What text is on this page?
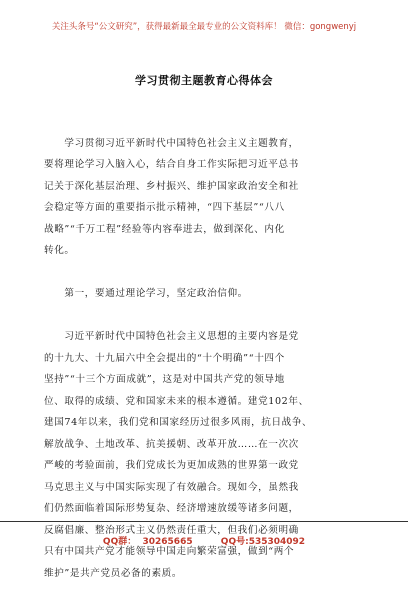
关注头条号“公文研究”，获得最新最全最专业的公文资料库！ 微信：gongwenyj
学习贯彻主题教育心得体会

　　学习贯彻习近平新时代中国特色社会主义主题教育，
要将理论学习入脑入心，结合自身工作实际把习近平总书
记关于深化基层治理、乡村振兴、维护国家政治安全和社
会稳定等方面的重要指示批示精神，“四下基层”“八八
战略”“千万工程”经验等内容奉进去，做到深化、内化
转化。

　　第一，要通过理论学习，坚定政治信仰。

　　习近平新时代中国特色社会主义思想的主要内容是党
的十九大、十九届六中全会提出的“十个明确”“十四个
坚持”“十三个方面成就”，这是对中国共产党的领导地
位、取得的成绩、党和国家未来的根本遵循。建党102年、
建国74年以来，我们党和国家经历过很多风雨，抗日战争、
解放战争、土地改革、抗美援朝、改革开放……在一次次
严峻的考验面前，我们党成长为更加成熟的世界第一政党
马克思主义与中国实际实现了有效融合。现如今，虽然我
们仍然面临着国际形势复杂、经济增速放缓等诸多问题，
反腐倡廉、整治形式主义仍然责任重大，但我们必须明确
只有中国共产党才能领导中国走向繁荣富强，做到“两个
维护”是共产党员必备的素质。

QQ群：  30265665         QQ号:535304092
